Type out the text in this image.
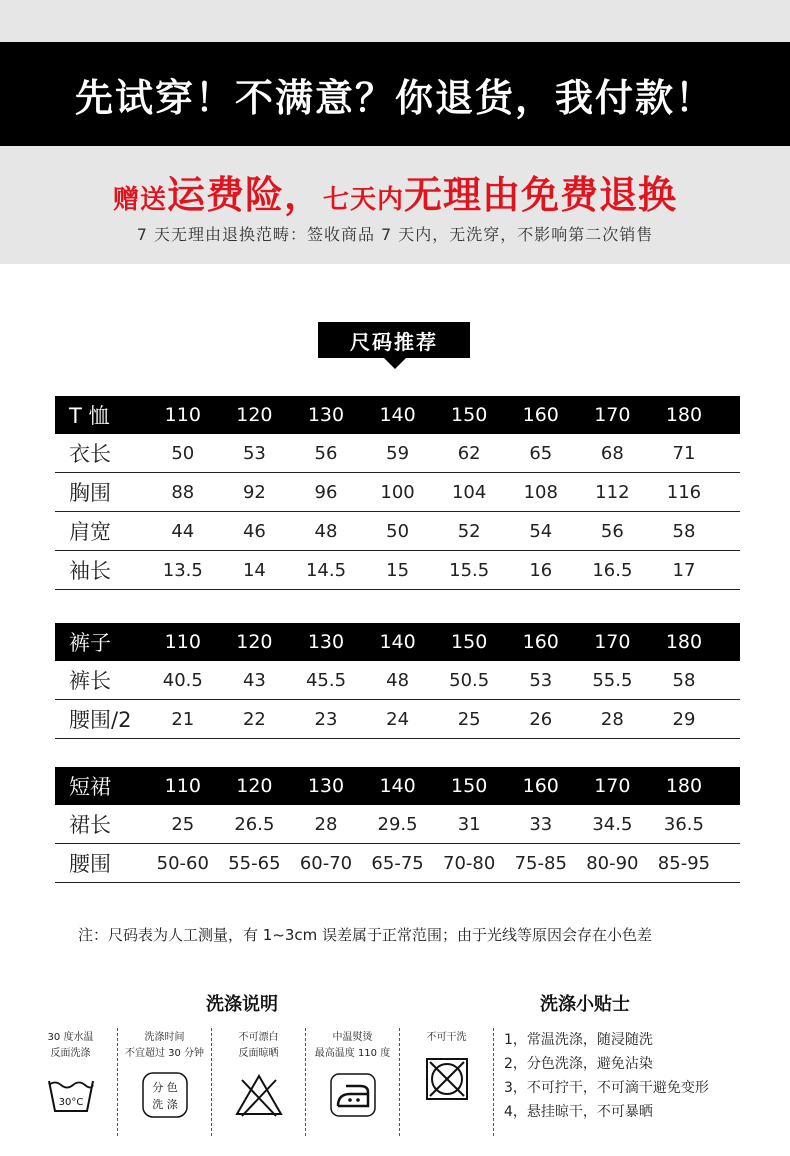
先试穿！不满意？你退货，我付款！
赠送运费险，七天内无理由免费退换
7 天无理由退换范畴：签收商品 7 天内，无洗穿，不影响第二次销售
尺码推荐
T 恤	110	120	130	140	150	160	170	180
衣长	50	53	56	59	62	65	68	71
胸围	88	92	96	100	104	108	112	116
肩宽	44	46	48	50	52	54	56	58
袖长	13.5	14	14.5	15	15.5	16	16.5	17
裤子	110	120	130	140	150	160	170	180
裤长	40.5	43	45.5	48	50.5	53	55.5	58
腰围/2	21	22	23	24	25	26	28	29
短裙	110	120	130	140	150	160	170	180
裙长	25	26.5	28	29.5	31	33	34.5	36.5
腰围	50-60	55-65	60-70	65-75	70-80	75-85	80-90	85-95
注：尺码表为人工测量，有 1~3cm 误差属于正常范围；由于光线等原因会存在小色差
洗涤说明	洗涤小贴士
30 度水温
反面洗涤
30°C
洗涤时间
不宜超过 30 分钟
分 色
洗 涤
不可漂白
反面晾晒
中温熨烫
最高温度 110 度
不可干洗	1，常温洗涤，随浸随洗
2，分色洗涤，避免沾染
3，不可拧干，不可滴干避免变形
4，悬挂晾干，不可暴晒
